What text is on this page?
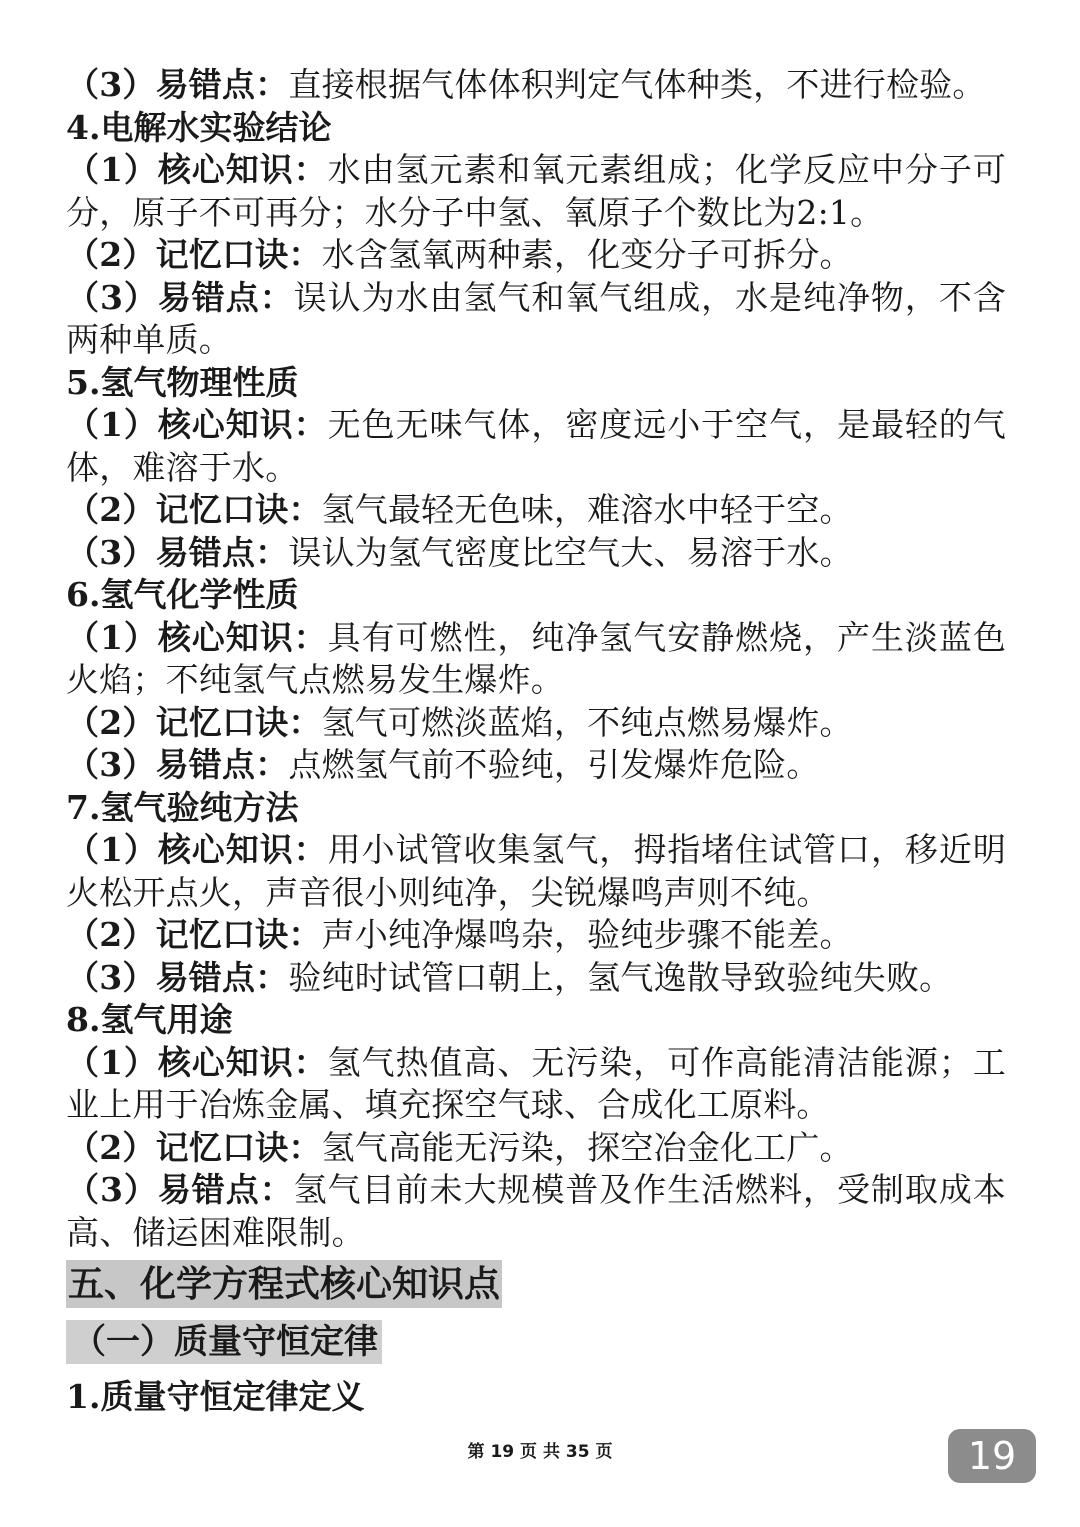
（3）易错点：直接根据气体体积判定气体种类，不进行检验。

4.电解水实验结论

（1）核心知识：水由氢元素和氧元素组成；化学反应中分子可分，原子不可再分；水分子中氢、氧原子个数比为2:1。

（2）记忆口诀：水含氢氧两种素，化变分子可拆分。

（3）易错点：误认为水由氢气和氧气组成，水是纯净物，不含两种单质。

5.氢气物理性质

（1）核心知识：无色无味气体，密度远小于空气，是最轻的气体，难溶于水。

（2）记忆口诀：氢气最轻无色味，难溶水中轻于空。

（3）易错点：误认为氢气密度比空气大、易溶于水。

6.氢气化学性质

（1）核心知识：具有可燃性，纯净氢气安静燃烧，产生淡蓝色火焰；不纯氢气点燃易发生爆炸。

（2）记忆口诀：氢气可燃淡蓝焰，不纯点燃易爆炸。

（3）易错点：点燃氢气前不验纯，引发爆炸危险。

7.氢气验纯方法

（1）核心知识：用小试管收集氢气，拇指堵住试管口，移近明火松开点火，声音很小则纯净，尖锐爆鸣声则不纯。

（2）记忆口诀：声小纯净爆鸣杂，验纯步骤不能差。

（3）易错点：验纯时试管口朝上，氢气逸散导致验纯失败。

8.氢气用途

（1）核心知识：氢气热值高、无污染，可作高能清洁能源；工业上用于冶炼金属、填充探空气球、合成化工原料。

（2）记忆口诀：氢气高能无污染，探空冶金化工广。

（3）易错点：氢气目前未大规模普及作生活燃料，受制取成本高、储运困难限制。

五、化学方程式核心知识点
（一）质量守恒定律

1.质量守恒定律定义

第 19 页 共 35 页	19
